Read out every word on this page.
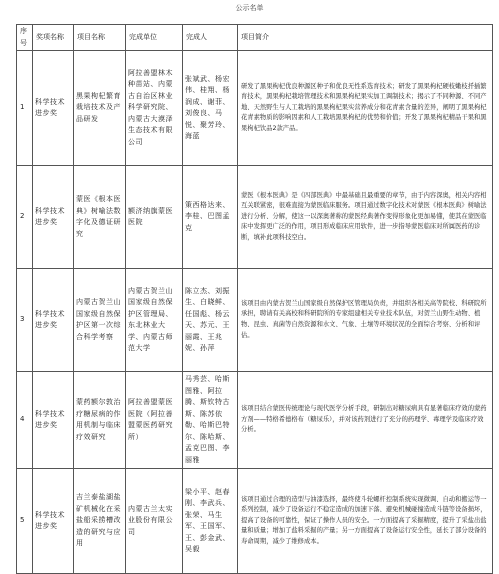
公示名单
序号	奖项名称	项目名称	完成单位	完成人	项目简介
1	科学技术进步奖	黑果枸杞繁育栽培技术及产品研发	阿拉善盟林木种苗站、内蒙古自治区林业科学研究院、内蒙古大漠泽生态技术有限公司	张斌武、杨宏伟、桂翔、杨润成、谢菲、刘俊良、马悦、聚芳玲、海蓝	研发了黑果枸杞优良种源区种子和优良无性系选育技术；研发了黑果枸杞硬枝嫩枝扦插繁育技术，黑果枸杞栽培管理技术和黑果枸杞果实加工调制技术；揭示了不同种源、不同产地、天然野生与人工栽培的黑果枸杞果实营养成分和花青素含量的差异，阐明了黑果枸杞花青素物质的影响因素和人工栽培黑果枸杞的优势和价值；开发了黑果枸杞精品干果和黑果枸杞饮品2款产品。
2	科学技术进步奖	蒙医《根本医典》树喻法数字化及德证研究	额济纳旗蒙医医院	策西格达来、李桂、巴图孟克	蒙医《根本医典》是《四部医典》中最基础且最重要的章节，由于内容深奥，相关内容相互关联紧密，很难直接为蒙医临床服务。项目通过数字化技术对蒙医《根本医典》树喻法进行分析、分解，使这一以深奥著称的蒙医经典著作变得形象化更加易懂，使其在蒙医临床中发挥更广泛的作用，项目形成临床应用软件，进一步指导蒙医临床对所属医药的诊断，填补此项科技空白。
3	科学技术进步奖	内蒙古贺兰山国家级自然保护区第一次综合科学考察	内蒙古贺兰山国家级自然保护区管理局、东北林业大学、内蒙古师范大学	陈立杰、刘振生、白晓鲜、任国彪、杨云天、苏元、王丽霞、王兆妮、孙萍	该项目由内蒙古贺兰山国家级自然保护区管理局负责，并组织各相关高等院校、科研院所承担，聘请有关高校和科研院所的专家组建相关专业技术队伍，对贺兰山野生动物、植物、昆虫、真菌等自然资源和水文、气象、土壤等环境状况的全面综合考察、分析和评估。
4	科学技术进步奖	蒙药额尔敦治疗糖尿病的作用机制与临床疗效研究	阿拉善盟蒙医医院（阿拉善盟蒙医药研究所）	马秀芸、哈斯图雅、阿拉腾、斯钦特古斯、陈苏依勒、哈斯巴特尔、陈哈斯、孟克巴图、李丽雅	该项目结合蒙医传统理论与现代医学分析手段，研制出对糖尿病具有显著临床疗效的蒙药方剂——特格希德格布（糖尿乐），并对该药剂进行了充分的药理学、毒理学及临床疗效分析。
5	科学技术进步奖	吉兰泰盐湖盐矿机械化在采盐船采捞槽改造的研究与应用	内蒙古兰太实业股份有限公司	梁小平、赵春刚、李武兵、张荣、马生军、王国军、王、彭金武、吴毅	该项目通过合理的造型与油漆选择，最终使斗轮螺杆控制系统实现微调、自动和搬运等一系列控制，减少了设备运行不稳定造成的加速下落、避免机械碰撞造成斗链等设备损坏，提高了设备的可靠性，保证了操作人员的安全。一方面提高了采掘精度，提升了采盐出盐量和质量；增加了盐料采掘的产量；另一方面提高了设备运行安全性，延长了部分设备的寿命周期，减少了维修成本。
